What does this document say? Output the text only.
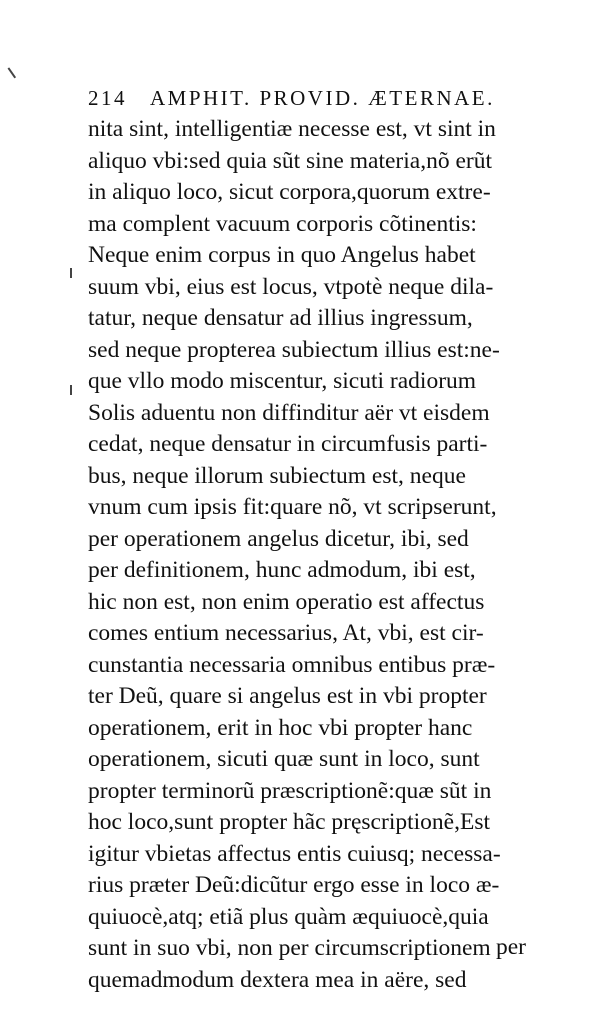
214 AMPHIT. PROVID. ÆTERNAE.
nita sint, intelligentiæ necesse est, vt sint in
aliquo vbi:sed quia sũt sine materia,nõ erũt
in aliquo loco, sicut corpora,quorum extre-
ma complent vacuum corporis cõtinentis:
Neque enim corpus in quo Angelus habet
suum vbi, eius est locus, vtpotè neque dila-
tatur, neque densatur ad illius ingressum,
sed neque propterea subiectum illius est:ne-
que vllo modo miscentur, sicuti radiorum
Solis aduentu non diffinditur aër vt eisdem
cedat, neque densatur in circumfusis parti-
bus, neque illorum subiectum est, neque
vnum cum ipsis fit:quare nõ, vt scripserunt,
per operationem angelus dicetur, ibi, sed
per definitionem, hunc admodum, ibi est,
hic non est, non enim operatio est affectus
comes entium necessarius, At, vbi, est cir-
cunstantia necessaria omnibus entibus præ-
ter Deũ, quare si angelus est in vbi propter
operationem, erit in hoc vbi propter hanc
operationem, sicuti quæ sunt in loco, sunt
propter terminorũ præscriptionẽ:quæ sũt in
hoc loco,sunt propter hãc pręscriptionẽ,Est
igitur vbietas affectus entis cuiusq; necessa-
rius præter Deũ:dicũtur ergo esse in loco æ-
quiuocè,atq; etiã plus quàm æquiuocè,quia
sunt in suo vbi, non per circumscriptionem
quemadmodum dextera mea in aëre, sed
per
